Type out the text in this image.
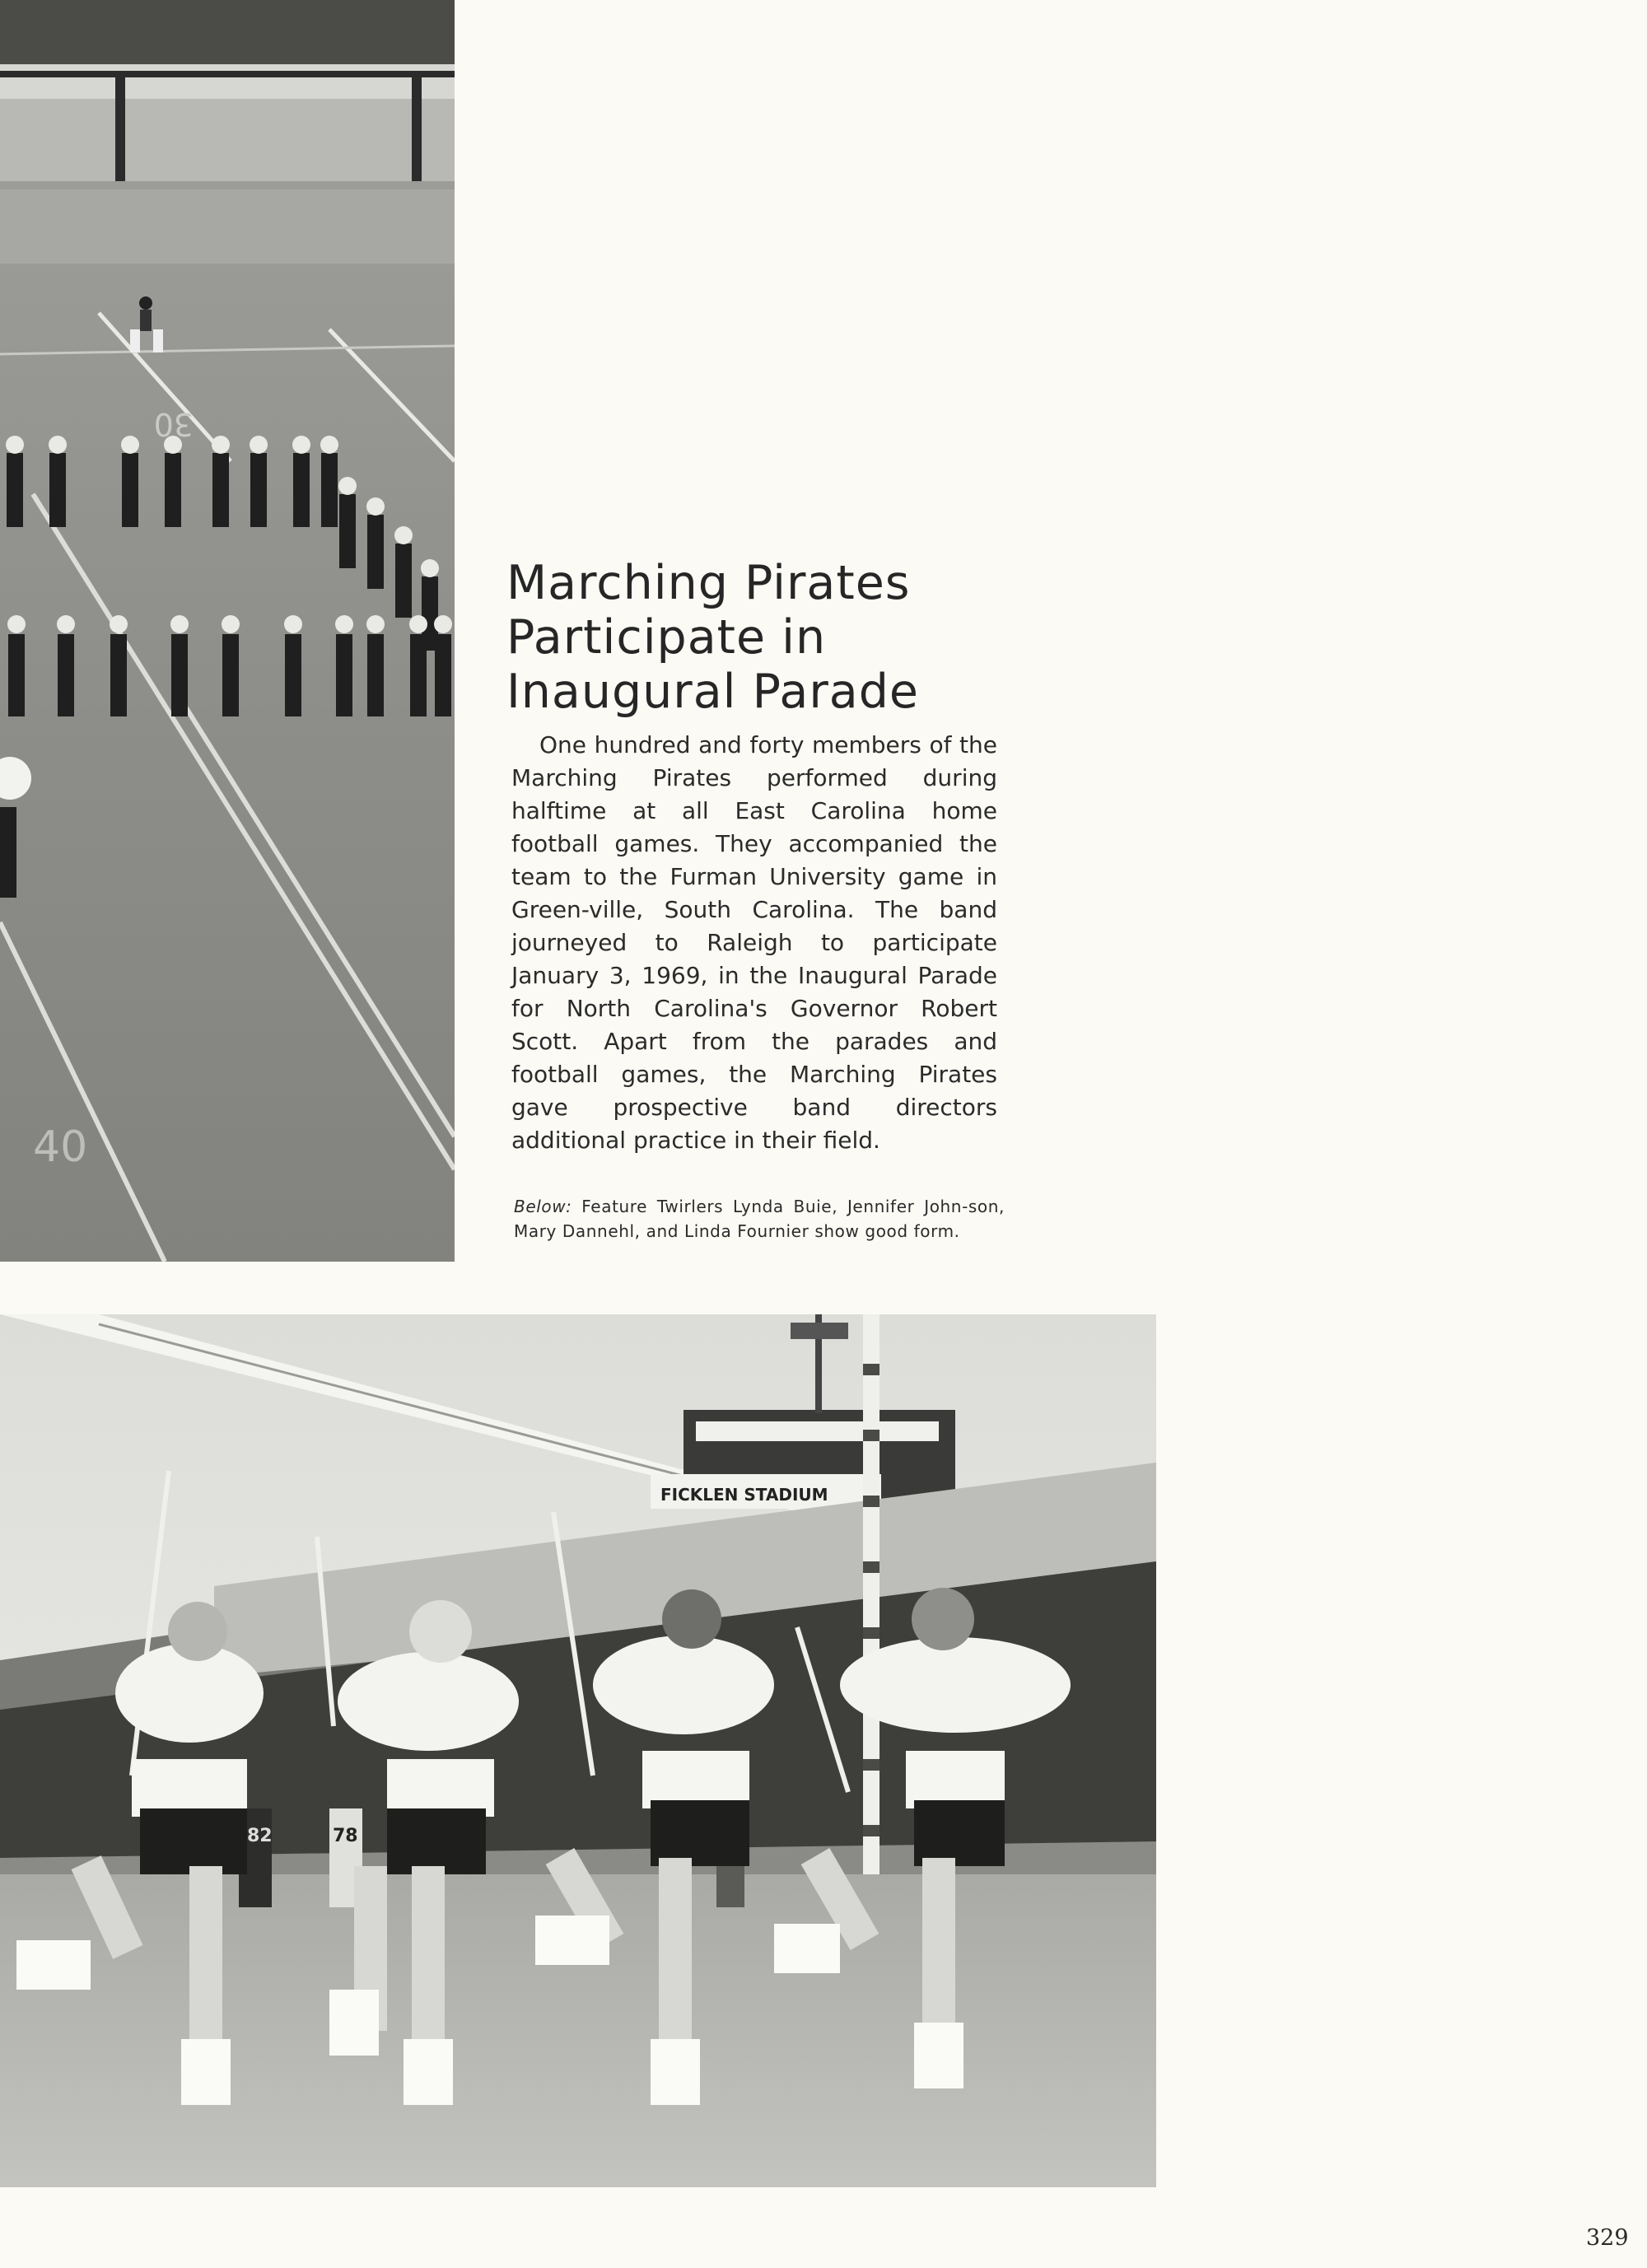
30
40
Marching Pirates
Participate in
Inaugural Parade

One hundred and forty members of the Marching Pirates performed during halftime at all East Carolina home football games. They accompanied the team to the Furman University game in Green-ville, South Carolina. The band journeyed to Raleigh to participate January 3, 1969, in the Inaugural Parade for North Carolina's Governor Robert Scott. Apart from the parades and football games, the Marching Pirates gave prospective band directors additional practice in their field.

Below: Feature Twirlers Lynda Buie, Jennifer John-son, Mary Dannehl, and Linda Fournier show good form.

FICKLEN STADIUM
82	78
329
